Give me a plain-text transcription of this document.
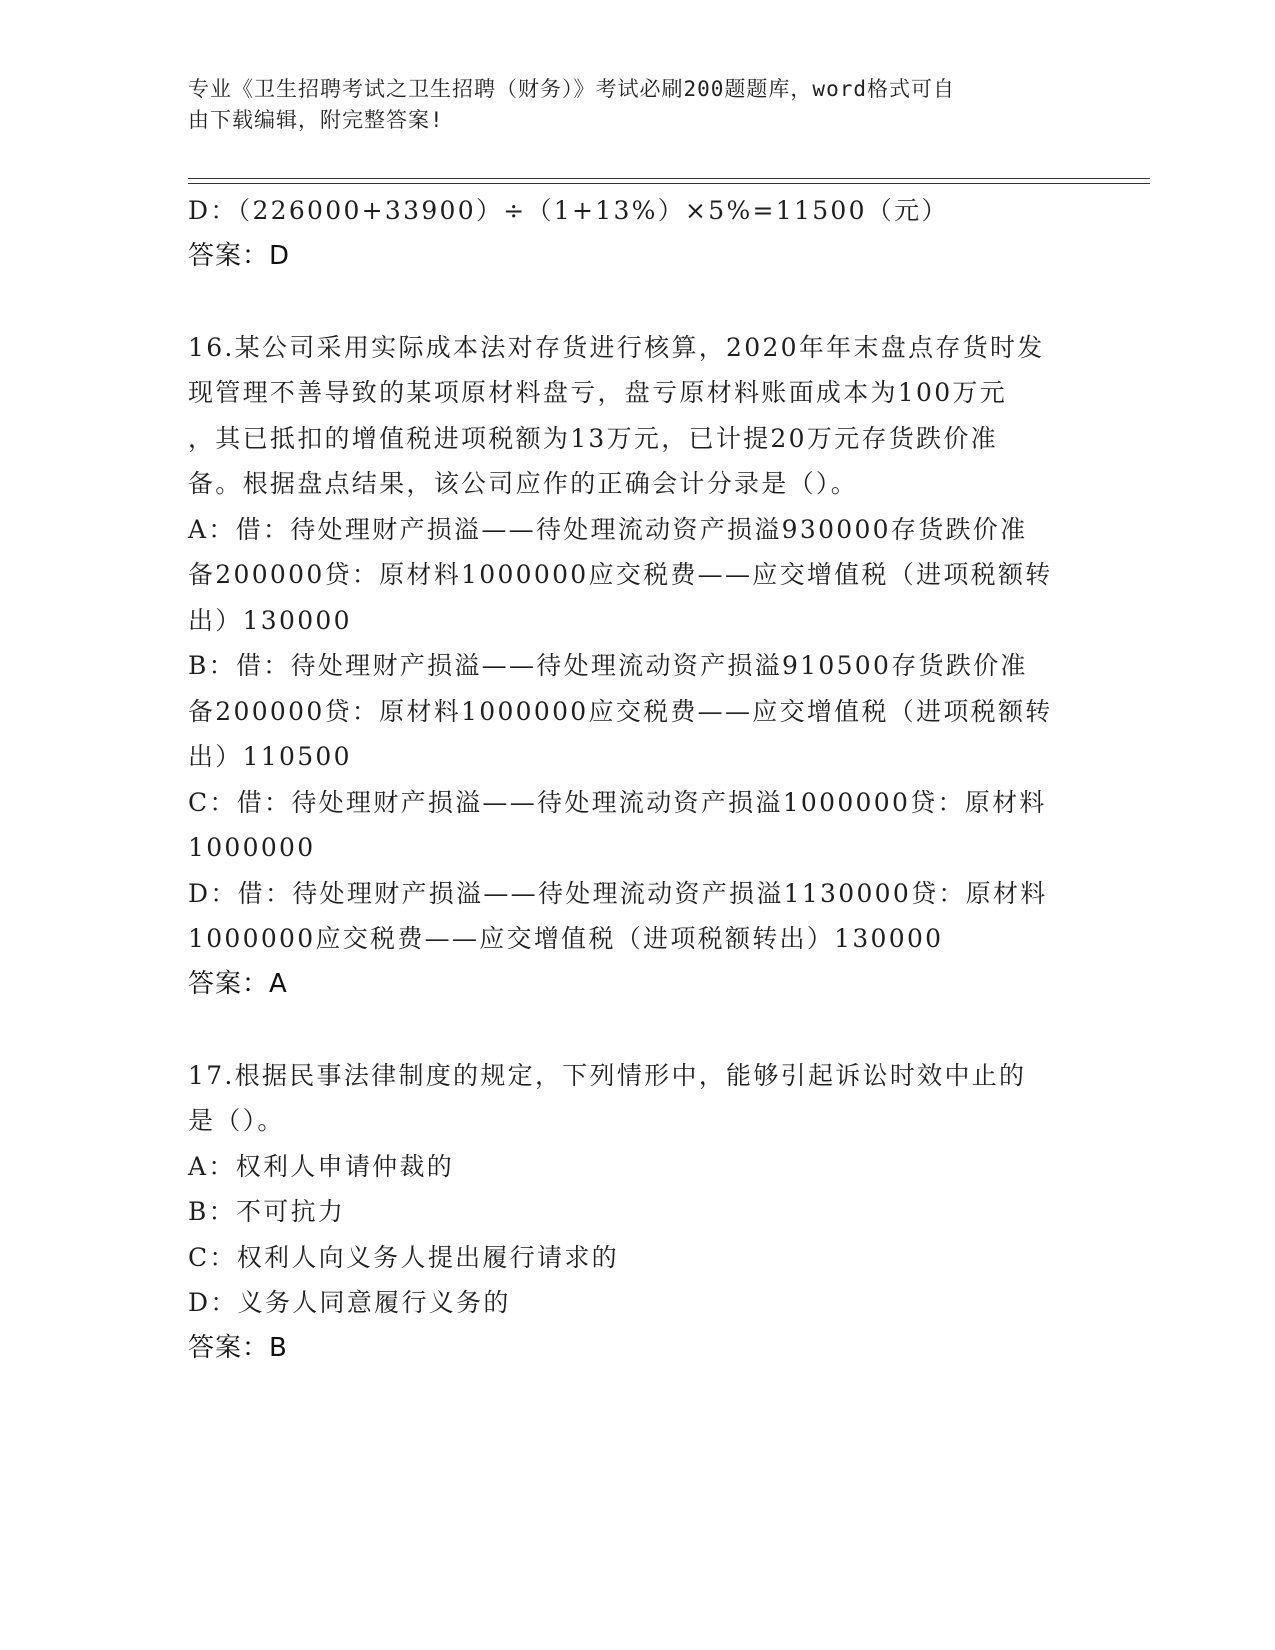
专业《卫生招聘考试之卫生招聘（财务）》考试必刷200题题库，word格式可自
由下载编辑，附完整答案!
D：（226000+33900）÷（1+13%）×5%=11500（元）
答案：D
16.某公司采用实际成本法对存货进行核算，2020年年末盘点存货时发
现管理不善导致的某项原材料盘亏，盘亏原材料账面成本为100万元
，其已抵扣的增值税进项税额为13万元，已计提20万元存货跌价准
备。根据盘点结果，该公司应作的正确会计分录是（）。
A：借：待处理财产损溢——待处理流动资产损溢930000存货跌价准
备200000贷：原材料1000000应交税费——应交增值税（进项税额转
出）130000
B：借：待处理财产损溢——待处理流动资产损溢910500存货跌价准
备200000贷：原材料1000000应交税费——应交增值税（进项税额转
出）110500
C：借：待处理财产损溢——待处理流动资产损溢1000000贷：原材料
1000000
D：借：待处理财产损溢——待处理流动资产损溢1130000贷：原材料
1000000应交税费——应交增值税（进项税额转出）130000
答案：A
17.根据民事法律制度的规定，下列情形中，能够引起诉讼时效中止的
是（）。
A：权利人申请仲裁的
B：不可抗力
C：权利人向义务人提出履行请求的
D：义务人同意履行义务的
答案：B
